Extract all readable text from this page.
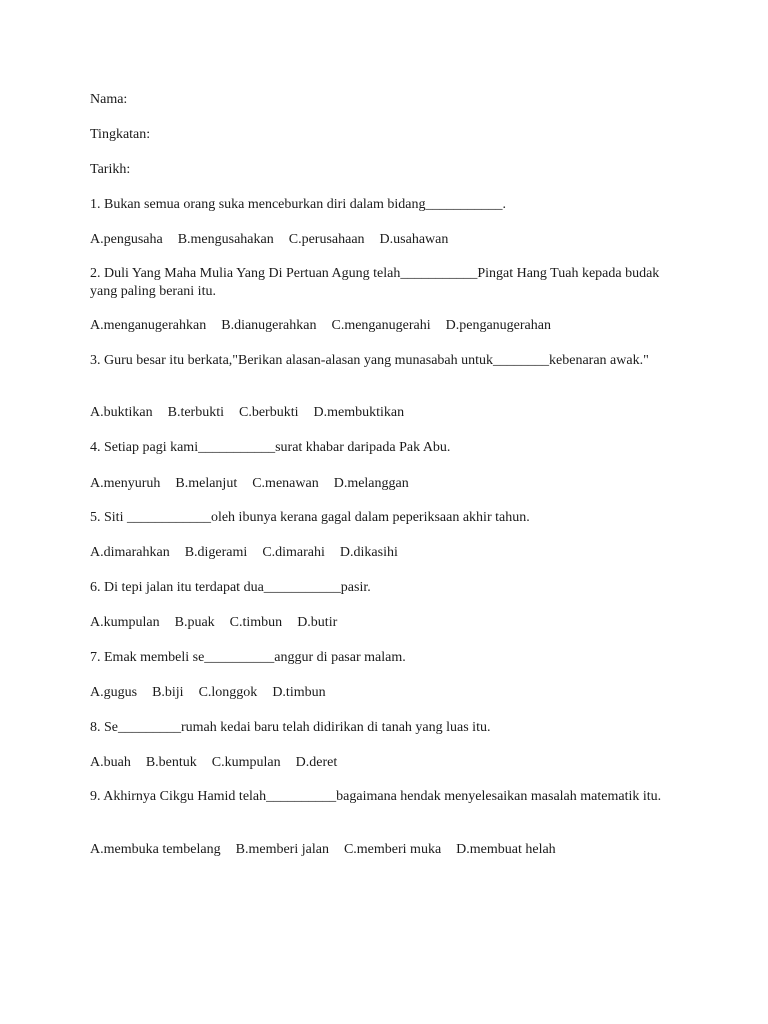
Nama:
Tingkatan:
Tarikh:
1. Bukan semua orang suka menceburkan diri dalam bidang___________.
A.pengusaha B.mengusahakan C.perusahaan D.usahawan
2. Duli Yang Maha Mulia Yang Di Pertuan Agung telah___________Pingat Hang Tuah kepada budak yang paling berani itu.
A.menganugerahkan B.dianugerahkan C.menganugerahi D.penganugerahan
3. Guru besar itu berkata,"Berikan alasan-alasan yang munasabah untuk________kebenaran awak."
A.buktikan B.terbukti C.berbukti D.membuktikan
4. Setiap pagi kami___________surat khabar daripada Pak Abu.
A.menyuruh B.melanjut C.menawan D.melanggan
5. Siti ____________oleh ibunya kerana gagal dalam peperiksaan akhir tahun.
A.dimarahkan B.digerami C.dimarahi D.dikasihi
6. Di tepi jalan itu terdapat dua___________pasir.
A.kumpulan B.puak C.timbun D.butir
7. Emak membeli se__________anggur di pasar malam.
A.gugus B.biji C.longgok D.timbun
8. Se_________rumah kedai baru telah didirikan di tanah yang luas itu.
A.buah B.bentuk C.kumpulan D.deret
9. Akhirnya Cikgu Hamid telah__________bagaimana hendak menyelesaikan masalah matematik itu.
A.membuka tembelang B.memberi jalan C.memberi muka D.membuat helah
